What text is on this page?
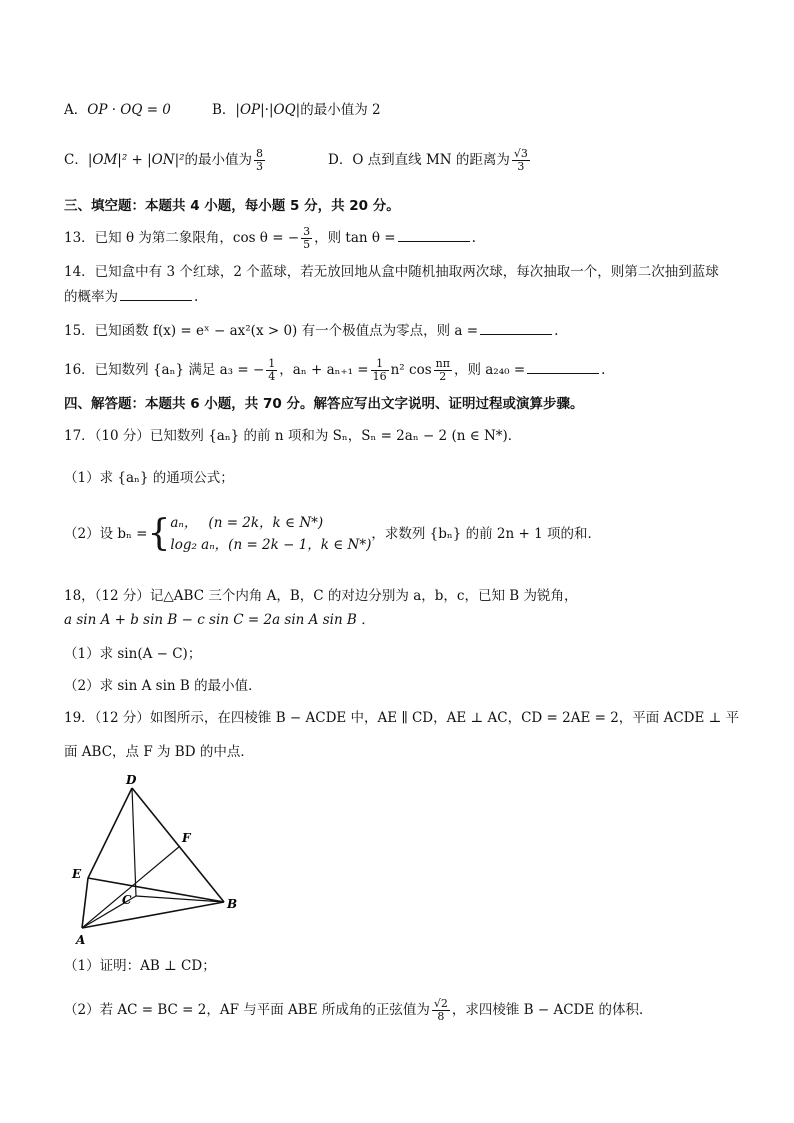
A．OP · OQ = 0	B．|OP|·|OQ|的最小值为 2
C．|OM|² + |ON|²的最小值为 $\frac{8}{3}$	D．O 点到直线 MN 的距离为 $\frac{√3}{3}$
三、填空题：本题共 4 小题，每小题 5 分，共 20 分。
13．已知 θ 为第二象限角，cos θ = − $\frac{3}{5}$ ，则 tan θ =	.
14．已知盒中有 3 个红球，2 个蓝球，若无放回地从盒中随机抽取两次球，每次抽取一个，则第二次抽到蓝球
的概率为	.
15．已知函数 f(x) = eˣ − ax²(x > 0) 有一个极值点为零点，则 a =	.
16．已知数列 {aₙ} 满足 a₃ = − $\frac{1}{4}$ ，$a_n + a_{n+1} = \frac{1}{16} n^2$ $\cos \frac{n\pi}{2}$ ，则 a₂₄₀ =	.
四、解答题：本题共 6 小题，共 70 分。解答应写出文字说明、证明过程或演算步骤。
17．（10 分）已知数列 {aₙ} 的前 n 项和为 Sₙ，Sₙ = 2aₙ − 2 (n ∈ N*)．
（1）求 {aₙ} 的通项公式；
（2）设 bₙ ={ aₙ，　 (n = 2k，k ∈ N*)
log₂ aₙ，(n = 2k − 1，k ∈ N*)
，求数列 {bₙ} 的前 2n + 1 项的和．
18，（12 分）记△ABC 三个内角 A，B，C 的对边分别为 a，b，c，已知 B 为锐角，
a sin A + b sin B − c sin C = 2a sin A sin B ．
（1）求 sin(A − C)；
（2）求 sin A sin B 的最小值．
19．（12 分）如图所示，在四棱锥 B − ACDE 中，AE ∥ CD，AE ⊥ AC，CD = 2AE = 2，平面 ACDE ⊥ 平
面 ABC，点 F 为 BD 的中点．
D
E
F
C	B
A
（1）证明：AB ⊥ CD；
（2）若 AC = BC = 2，AF 与平面 ABE 所成角的正弦值为 $\frac{√2}{8}$ ，求四棱锥 B − ACDE 的体积．
